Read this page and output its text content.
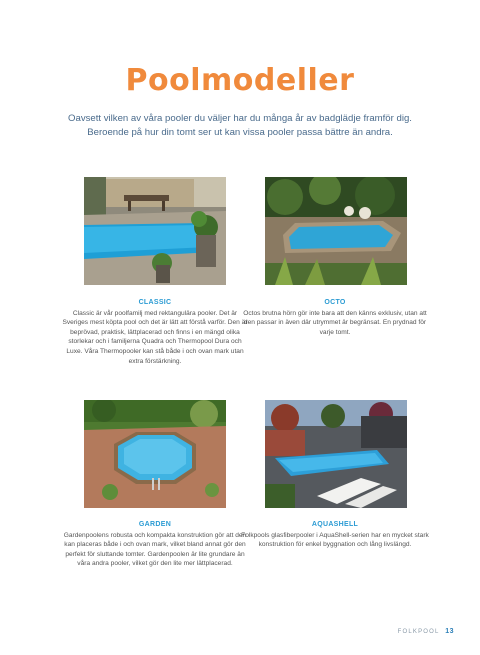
Poolmodeller

Oavsett vilken av våra pooler du väljer har du många år av badglädje framför dig. Beroende på hur din tomt ser ut kan vissa pooler passa bättre än andra.

CLASSIC
Classic är vår poolfamilj med rektangulära pooler. Det är Sveriges mest köpta pool och det är lätt att förstå varför. Den är beprövad, praktisk, lättplacerad och finns i en mängd olika storlekar och i familjerna Quadra och Thermopool Dura och Luxe. Våra Thermopooler kan stå både i och ovan mark utan extra förstärkning.
OCTO
Octos brutna hörn gör inte bara att den känns exklusiv, utan att den passar in även där utrymmet är begränsat. En prydnad för varje tomt.
GARDEN
Gardenpoolens robusta och kompakta konstruktion gör att den kan placeras både i och ovan mark, vilket bland annat gör den perfekt för sluttande tomter. Gardenpoolen är lite grundare än våra andra pooler, vilket gör den lite mer lättplacerad.
AQUASHELL
Folkpools glasfiberpooler i AquaShell-serien har en mycket stark konstruktion för enkel byggnation och lång livslängd.
FOLKPOOL 13
